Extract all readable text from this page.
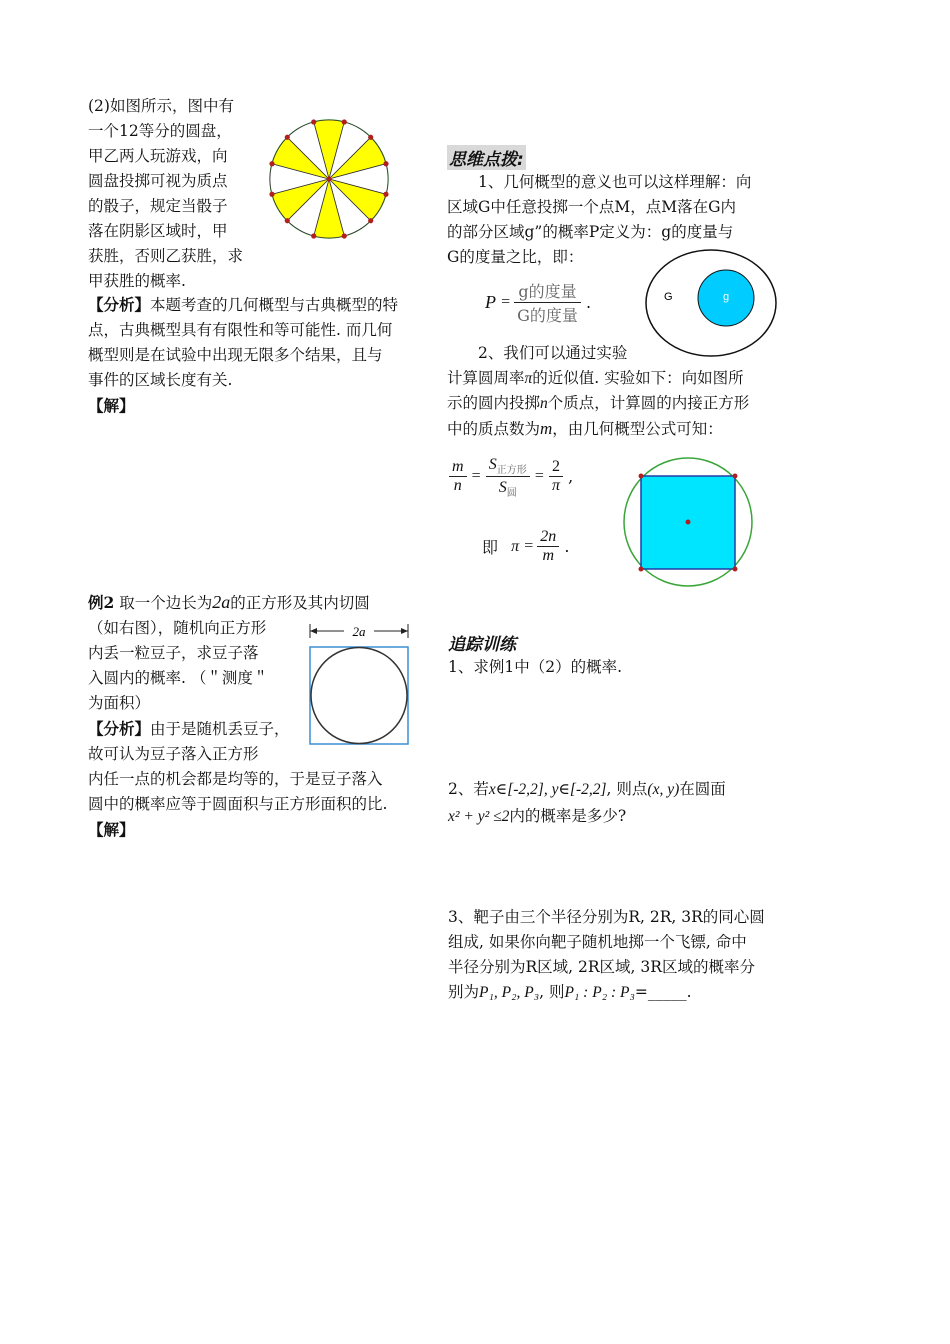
(2)如图所示，图中有
一个12等分的圆盘，
甲乙两人玩游戏，向
圆盘投掷可视为质点
的骰子，规定当骰子
落在阴影区域时，甲
获胜，否则乙获胜，求
甲获胜的概率.
【分析】本题考查的几何概型与古典概型的特
点，古典概型具有有限性和等可能性. 而几何
概型则是在试验中出现无限多个结果，且与
事件的区域长度有关.
【解】
例2 取一个边长为2a的正方形及其内切圆
（如右图），随机向正方形
内丢一粒豆子，求豆子落
入圆内的概率. （＂测度＂
为面积）
【分析】由于是随机丢豆子，
故可认为豆子落入正方形
内任一点的机会都是均等的，于是豆子落入
圆中的概率应等于圆面积与正方形面积的比.
【解】
2a
思维点拨:
1、几何概型的意义也可以这样理解：向
区域G中任意投掷一个点M，点M落在G内
的部分区域g”的概率P定义为：g的度量与
G的度量之比，即：
$P = \frac{\text{g的度量}}{\text{G的度量}}$ .	G	g
2、我们可以通过实验
计算圆周率π的近似值. 实验如下：向如图所
示的圆内投掷n个质点，计算圆的内接正方形
中的质点数为m，由几何概型公式可知：
$\frac{m}{n} = \frac{S_{正方形}}{S_圆} = \frac{2}{\pi}$ ,
即 $\pi = \frac{2n}{m}$ .
追踪训练
1、求例1中（2）的概率.
2、若x∈[-2,2], y∈[-2,2], 则点(x, y)在圆面
x² + y² ≤2内的概率是多少?
3、靶子由三个半径分别为R, 2R, 3R的同心圆
组成, 如果你向靶子随机地掷一个飞镖, 命中
半径分别为R区域, 2R区域, 3R区域的概率分
别为P₁, P₂, P₃, 则P₁ : P₂ : P₃=_____.
